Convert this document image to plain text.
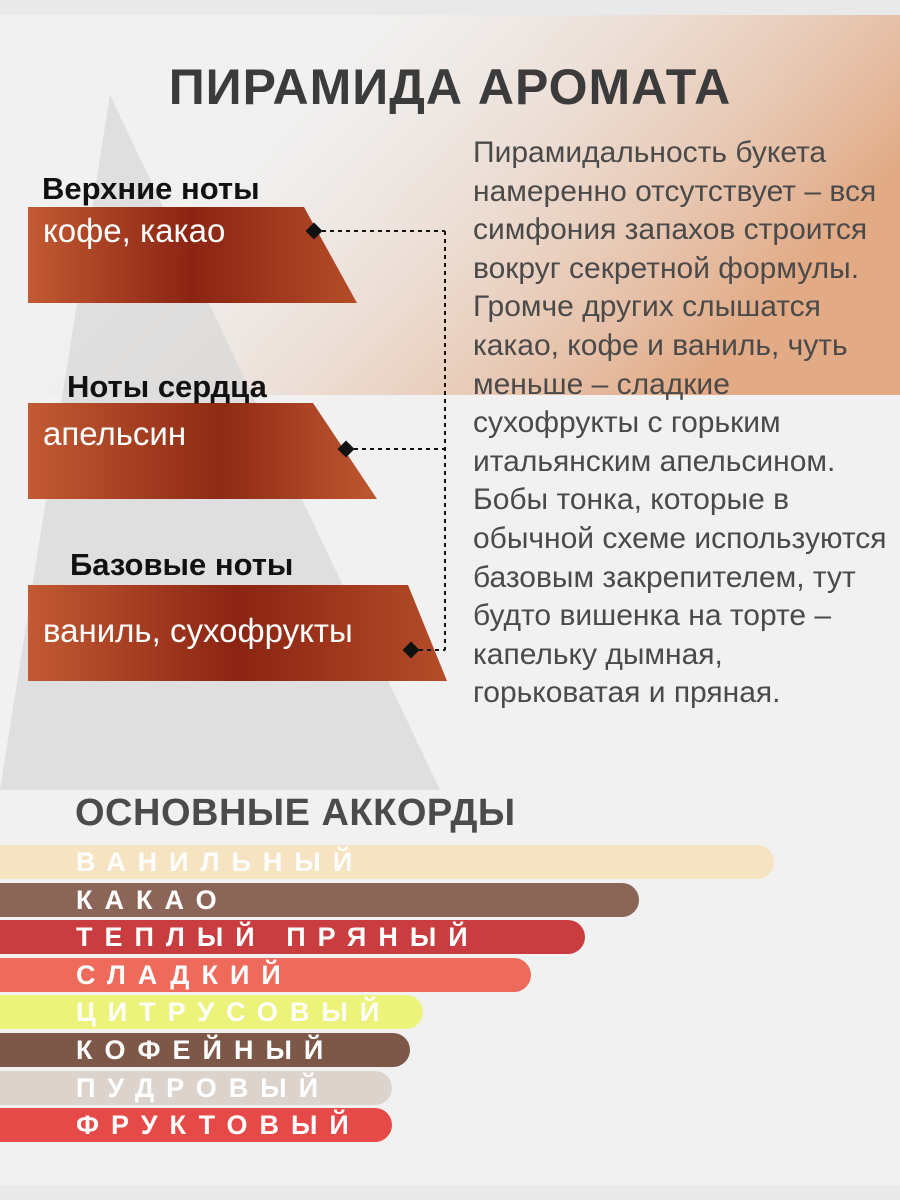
ПИРАМИДА АРОМАТА
Верхние ноты
кофе, какао
Ноты сердца
апельсин
Базовые ноты
ваниль, сухофрукты

Пирамидальность букета намеренно отсутствует – вся симфония запахов строится вокруг секретной формулы. Громче других слышатся какао, кофе и ваниль, чуть меньше – сладкие сухофрукты с горьким итальянским апельсином. Бобы тонка, которые в обычной схеме используются базовым закрепителем, тут будто вишенка на торте – капельку дымная, горьковатая и пряная.

ОСНОВНЫЕ АККОРДЫ
ВАНИЛЬНЫЙ
КАКАО
ТЕПЛЫЙ ПРЯНЫЙ
СЛАДКИЙ
ЦИТРУСОВЫЙ
КОФЕЙНЫЙ
ПУДРОВЫЙ
ФРУКТОВЫЙ
